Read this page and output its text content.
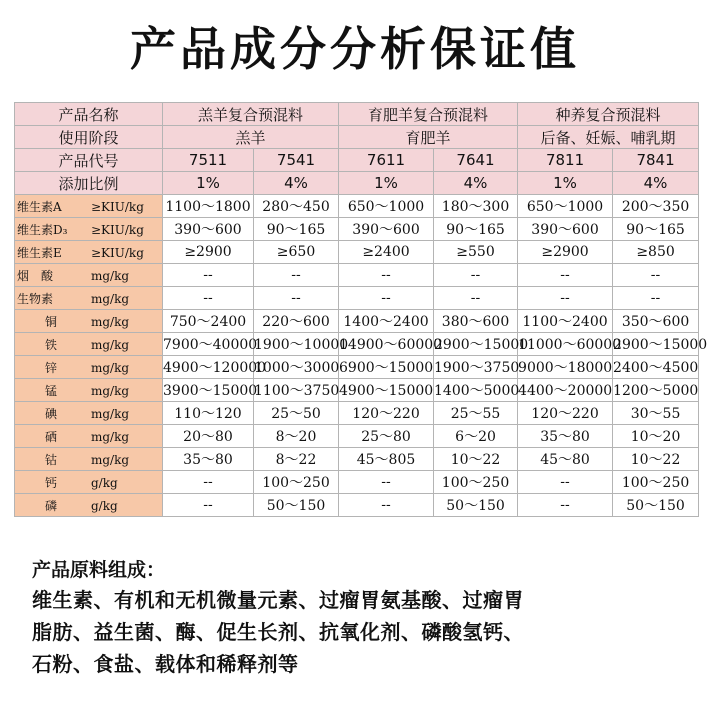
产品成分分析保证值
产品名称	羔羊复合预混料		育肥羊复合预混料		种养复合预混料	
使用阶段	羔羊		育肥羊		后备、妊娠、哺乳期	
产品代号	7511	7541	7611	7641	7811	7841
添加比例	1%	4%	1%	4%	1%	4%
维生素A ≥KIU/kg	1100～1800	280～450	650～1000	180～300	650～1000	200～350
维生素D₃ ≥KIU/kg	390～600	90～165	390～600	90～165	390～600	90～165
维生素E ≥KIU/kg	≥2900	≥650	≥2400	≥550	≥2900	≥850
烟　酸 mg/kg	--	--	--	--	--	--
生物素 mg/kg	--	--	--	--	--	--
铜 mg/kg	750～2400	220～600	1400～2400	380～600	1100～2400	350～600
铁 mg/kg	7900～40000	1900～10000	14900～60000	2900～15000	11000～60000	2900～15000
锌 mg/kg	4900～120000	1000～3000	6900～15000	1900～3750	9000～18000	2400～4500
锰 mg/kg	3900～15000	1100～3750	4900～15000	1400～5000	4400～20000	1200～5000
碘 mg/kg	110～120	25～50	120～220	25～55	120～220	30～55
硒 mg/kg	20～80	8～20	25～80	6～20	35～80	10～20
钴 mg/kg	35～80	8～22	45～805	10～22	45～80	10～22
钙 g/kg	--	100～250	--	100～250	--	100～250
磷 g/kg	--	50～150	--	50～150	--	50～150
产品原料组成：
维生素、有机和无机微量元素、过瘤胃氨基酸、过瘤胃
脂肪、益生菌、酶、促生长剂、抗氧化剂、磷酸氢钙、
石粉、食盐、载体和稀释剂等
